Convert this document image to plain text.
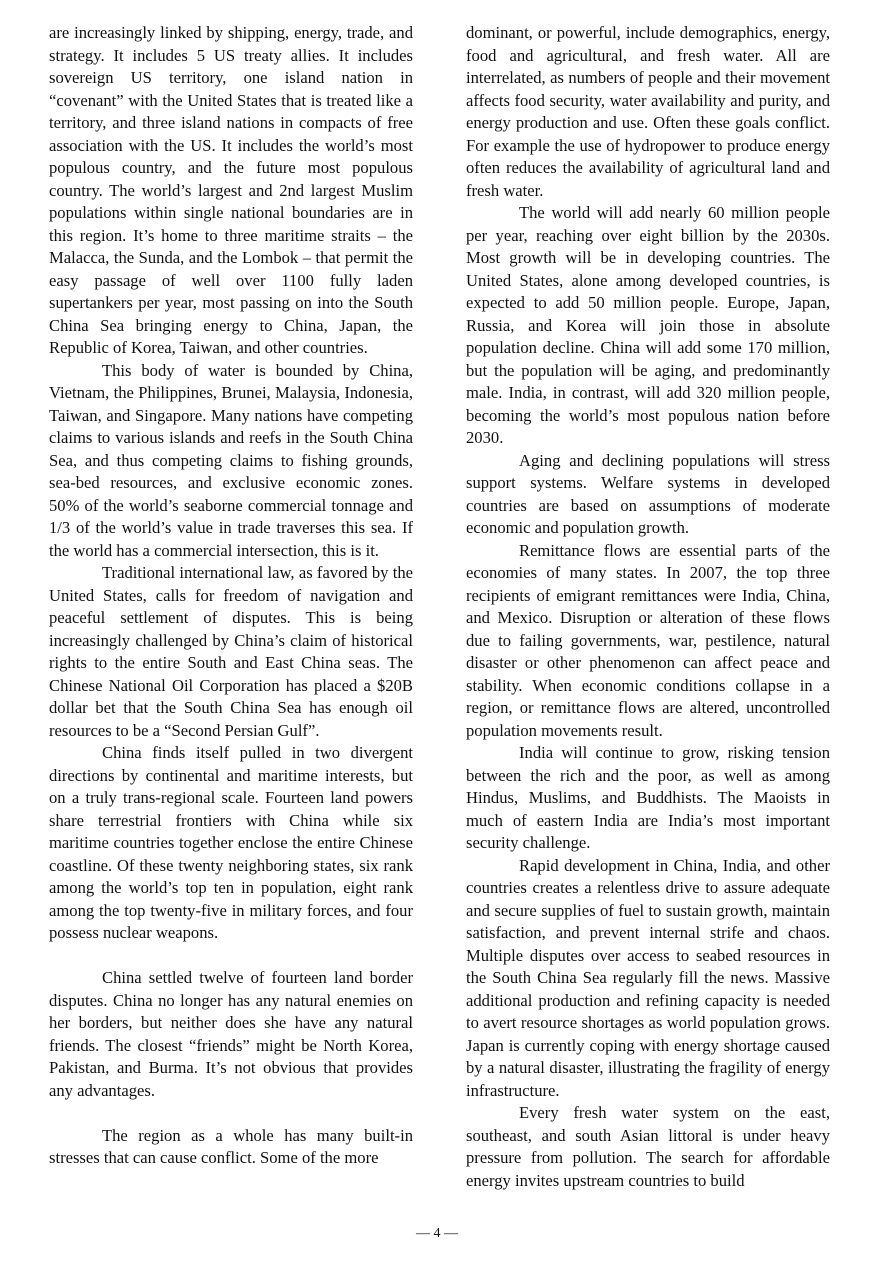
are increasingly linked by shipping, energy, trade, and strategy. It includes 5 US treaty allies. It includes sovereign US territory, one island nation in “covenant” with the United States that is treated like a territory, and three island nations in compacts of free association with the US. It includes the world’s most populous country, and the future most populous country. The world’s largest and 2nd largest Muslim populations within single national boundaries are in this region. It’s home to three maritime straits – the Malacca, the Sunda, and the Lombok – that permit the easy passage of well over 1100 fully laden supertankers per year, most passing on into the South China Sea bringing energy to China, Japan, the Republic of Korea, Taiwan, and other countries.

This body of water is bounded by China, Vietnam, the Philippines, Brunei, Malaysia, Indonesia, Taiwan, and Singapore. Many nations have competing claims to various islands and reefs in the South China Sea, and thus competing claims to fishing grounds, sea-bed resources, and exclusive economic zones. 50% of the world’s seaborne commercial tonnage and 1/3 of the world’s value in trade traverses this sea. If the world has a commercial intersection, this is it.

Traditional international law, as favored by the United States, calls for freedom of navigation and peaceful settlement of disputes. This is being increasingly challenged by China’s claim of historical rights to the entire South and East China seas. The Chinese National Oil Corporation has placed a $20B dollar bet that the South China Sea has enough oil resources to be a “Second Persian Gulf”.

China finds itself pulled in two divergent directions by continental and maritime interests, but on a truly trans-regional scale. Fourteen land powers share terrestrial frontiers with China while six maritime countries together enclose the entire Chinese coastline. Of these twenty neighboring states, six rank among the world’s top ten in population, eight rank among the top twenty-five in military forces, and four possess nuclear weapons.

China settled twelve of fourteen land border disputes. China no longer has any natural enemies on her borders, but neither does she have any natural friends. The closest “friends” might be North Korea, Pakistan, and Burma. It’s not obvious that provides any advantages.

The region as a whole has many built-in stresses that can cause conflict. Some of the more

dominant, or powerful, include demographics, energy, food and agricultural, and fresh water. All are interrelated, as numbers of people and their movement affects food security, water availability and purity, and energy production and use. Often these goals conflict. For example the use of hydropower to produce energy often reduces the availability of agricultural land and fresh water.

The world will add nearly 60 million people per year, reaching over eight billion by the 2030s. Most growth will be in developing countries. The United States, alone among developed countries, is expected to add 50 million people. Europe, Japan, Russia, and Korea will join those in absolute population decline. China will add some 170 million, but the population will be aging, and predominantly male. India, in contrast, will add 320 million people, becoming the world’s most populous nation before 2030.

Aging and declining populations will stress support systems. Welfare systems in developed countries are based on assumptions of moderate economic and population growth.

Remittance flows are essential parts of the economies of many states. In 2007, the top three recipients of emigrant remittances were India, China, and Mexico. Disruption or alteration of these flows due to failing governments, war, pestilence, natural disaster or other phenomenon can affect peace and stability. When economic conditions collapse in a region, or remittance flows are altered, uncontrolled population movements result.

India will continue to grow, risking tension between the rich and the poor, as well as among Hindus, Muslims, and Buddhists. The Maoists in much of eastern India are India’s most important security challenge.

Rapid development in China, India, and other countries creates a relentless drive to assure adequate and secure supplies of fuel to sustain growth, maintain satisfaction, and prevent internal strife and chaos. Multiple disputes over access to seabed resources in the South China Sea regularly fill the news. Massive additional production and refining capacity is needed to avert resource shortages as world population grows. Japan is currently coping with energy shortage caused by a natural disaster, illustrating the fragility of energy infrastructure.

Every fresh water system on the east, southeast, and south Asian littoral is under heavy pressure from pollution. The search for affordable energy invites upstream countries to build

— 4 —
